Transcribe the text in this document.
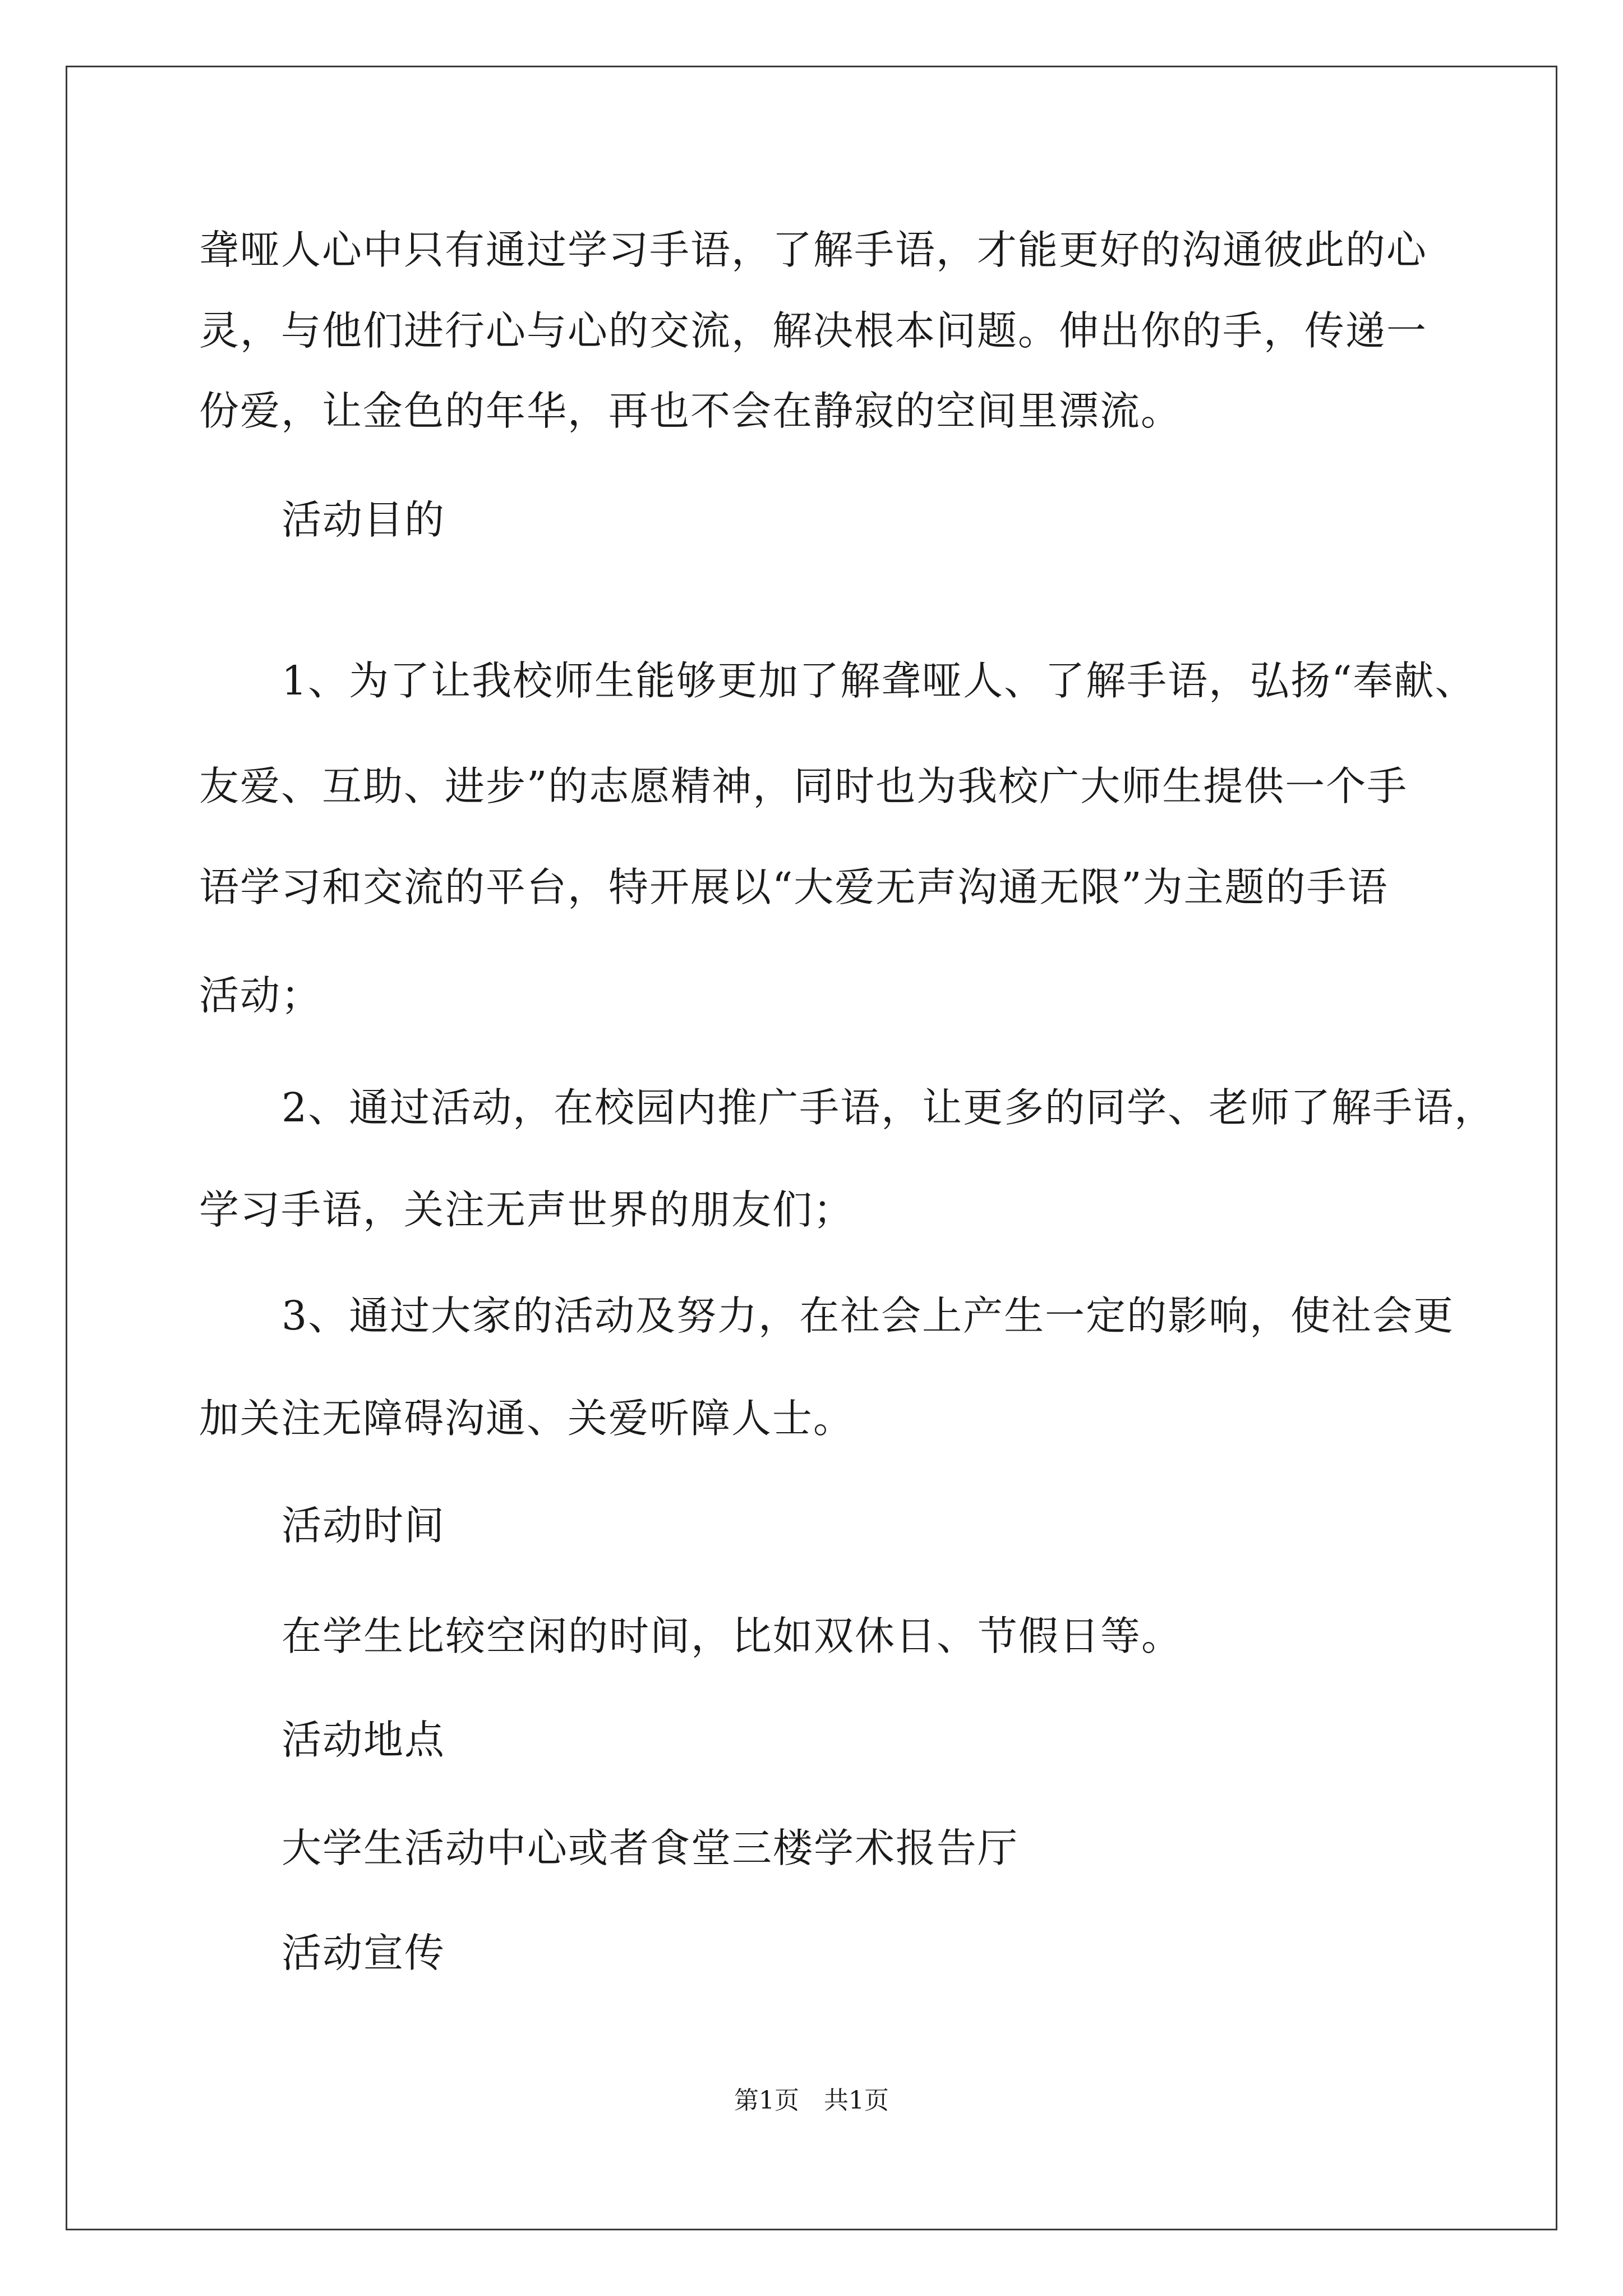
聋哑人心中只有通过学习手语，了解手语，才能更好的沟通彼此的心

灵，与他们进行心与心的交流，解决根本问题。伸出你的手，传递一

份爱，让金色的年华，再也不会在静寂的空间里漂流。

活动目的

1、为了让我校师生能够更加了解聋哑人、了解手语，弘扬“奉献、

友爱、互助、进步”的志愿精神，同时也为我校广大师生提供一个手

语学习和交流的平台，特开展以“大爱无声沟通无限”为主题的手语

活动；

2、通过活动，在校园内推广手语，让更多的同学、老师了解手语，

学习手语，关注无声世界的朋友们；

3、通过大家的活动及努力，在社会上产生一定的影响，使社会更

加关注无障碍沟通、关爱听障人士。

活动时间

在学生比较空闲的时间，比如双休日、节假日等。

活动地点

大学生活动中心或者食堂三楼学术报告厅

活动宣传

第1页　共1页
